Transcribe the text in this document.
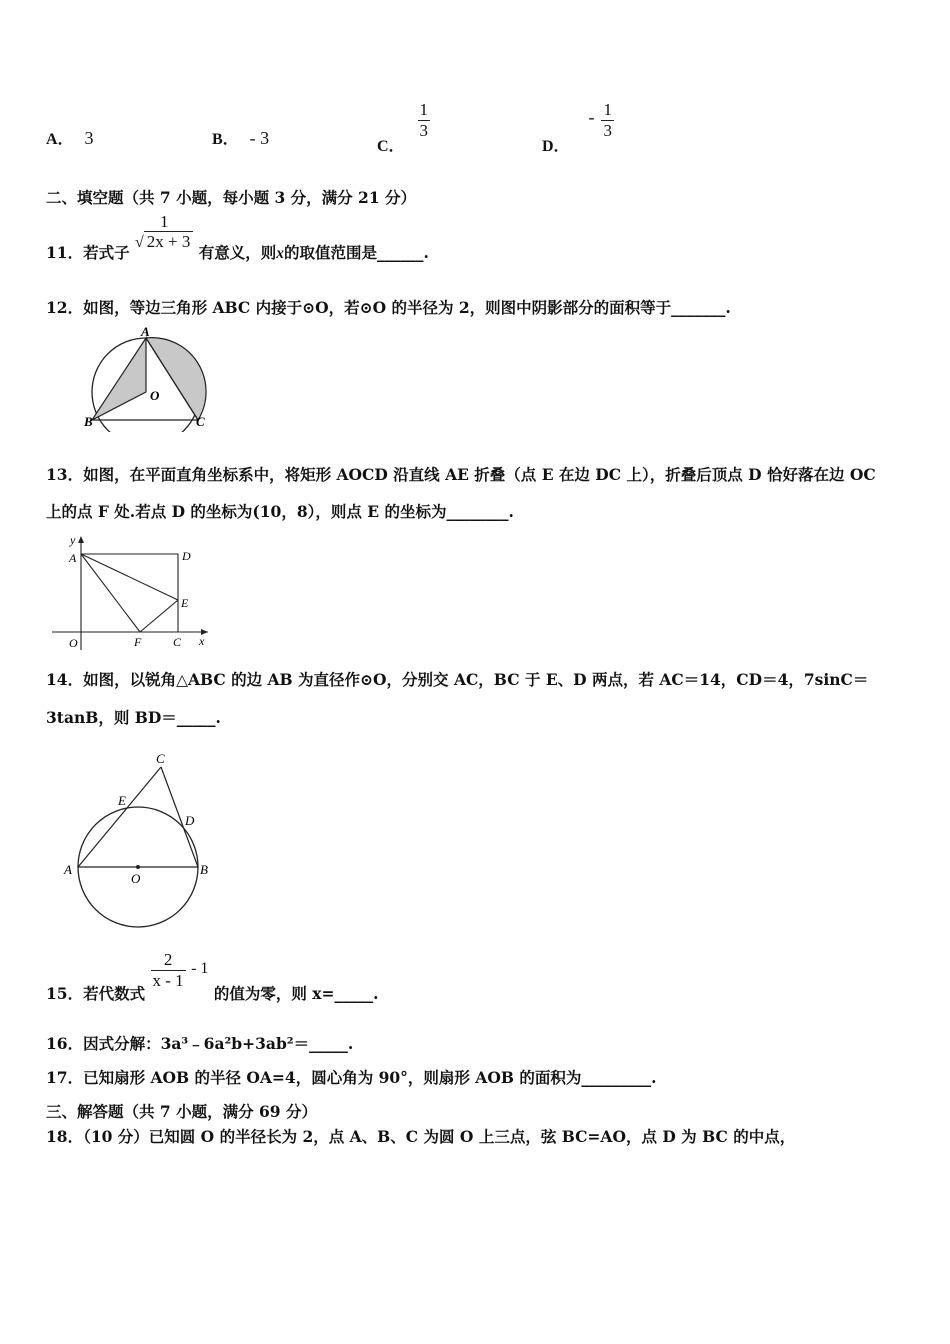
A． 3	B． - 3	C．
$\frac{1}{3}$
D． - $\frac{1}{3}$
二、填空题（共 7 小题，每小题 3 分，满分 21 分）
11．若式子
1
√ 2x + 3
有意义，则x的取值范围是______.
12．如图，等边三角形 ABC 内接于⊙O，若⊙O 的半径为 2，则图中阴影部分的面积等于_______.
A
B	C
O
13．如图，在平面直角坐标系中，将矩形 AOCD 沿直线 AE 折叠（点 E 在边 DC 上），折叠后顶点 D 恰好落在边 OC
上的点 F 处.若点 D 的坐标为(10，8），则点 E 的坐标为________.
y
A	D
E
O	F	C x
14．如图，以锐角△ABC 的边 AB 为直径作⊙O，分别交 AC，BC 于 E、D 两点，若 AC＝14，CD＝4，7sinC＝
3tanB，则 BD＝_____.
C
E
D
A	B
O
15．若代数式
$\frac{2}{x - 1} - 1$ 的值为零，则 x=_____.
16．因式分解：3a³﹣6a²b+3ab²＝_____.
17．已知扇形 AOB 的半径 OA=4，圆心角为 90°，则扇形 AOB 的面积为_________.
三、解答题（共 7 小题，满分 69 分）
18．（10 分）已知圆 O 的半径长为 2，点 A、B、C 为圆 O 上三点，弦 BC=AO，点 D 为 BC 的中点，
